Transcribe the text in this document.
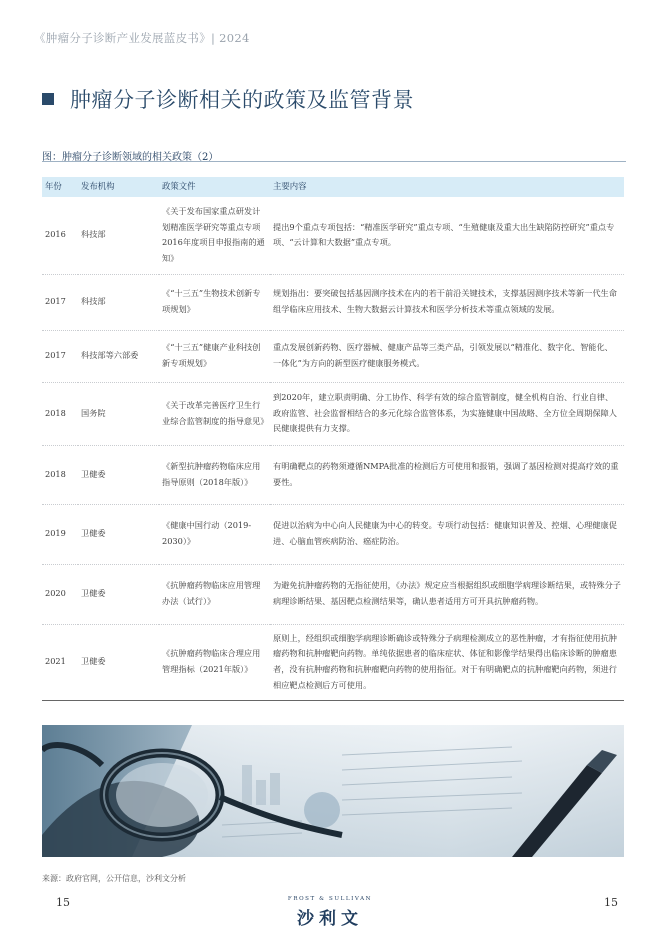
《肿瘤分子诊断产业发展蓝皮书》| 2024
肿瘤分子诊断相关的政策及监管背景
图：肿瘤分子诊断领域的相关政策（2）
年份	发布机构	政策文件	主要内容
2016	科技部	《关于发布国家重点研发计划精准医学研究等重点专项2016年度项目申报指南的通知》	提出9个重点专项包括：“精准医学研究”重点专项、“生殖健康及重大出生缺陷防控研究”重点专项、“云计算和大数据”重点专项。
2017	科技部	《“十三五”生物技术创新专项规划》	规划指出：要突破包括基因测序技术在内的若干前沿关键技术，支撑基因测序技术等新一代生命组学临床应用技术、生物大数据云计算技术和医学分析技术等重点领域的发展。
2017	科技部等六部委	《“十三五”健康产业科技创新专项规划》	重点发展创新药物、医疗器械、健康产品等三类产品，引领发展以“精准化、数字化、智能化、一体化”为方向的新型医疗健康服务模式。
2018	国务院	《关于改革完善医疗卫生行业综合监管制度的指导意见》	到2020年，建立职责明确、分工协作、科学有效的综合监管制度，健全机构自治、行业自律、政府监管、社会监督相结合的多元化综合监管体系，为实施健康中国战略、全方位全周期保障人民健康提供有力支撑。
2018	卫健委	《新型抗肿瘤药物临床应用指导原则（2018年版）》	有明确靶点的药物须遵循NMPA批准的检测后方可使用和报销，强调了基因检测对提高疗效的重要性。
2019	卫健委	《健康中国行动（2019-2030）》	促进以治病为中心向人民健康为中心的转变。专项行动包括：健康知识普及、控烟、心理健康促进、心脑血管疾病防治、癌症防治。
2020	卫健委	《抗肿瘤药物临床应用管理办法（试行）》	为避免抗肿瘤药物的无指征使用，《办法》规定应当根据组织或细胞学病理诊断结果，或特殊分子病理诊断结果、基因靶点检测结果等，确认患者适用方可开具抗肿瘤药物。
2021	卫健委	《抗肿瘤药物临床合理应用管理指标（2021年版）》	原则上，经组织或细胞学病理诊断确诊或特殊分子病理检测成立的恶性肿瘤，才有指征使用抗肿瘤药物和抗肿瘤靶向药物。单纯依据患者的临床症状、体征和影像学结果得出临床诊断的肿瘤患者，没有抗肿瘤药物和抗肿瘤靶向药物的使用指征。对于有明确靶点的抗肿瘤靶向药物，须进行相应靶点检测后方可使用。
来源：政府官网，公开信息，沙利文分析
15	FROST & SULLIVAN
沙利文
15
